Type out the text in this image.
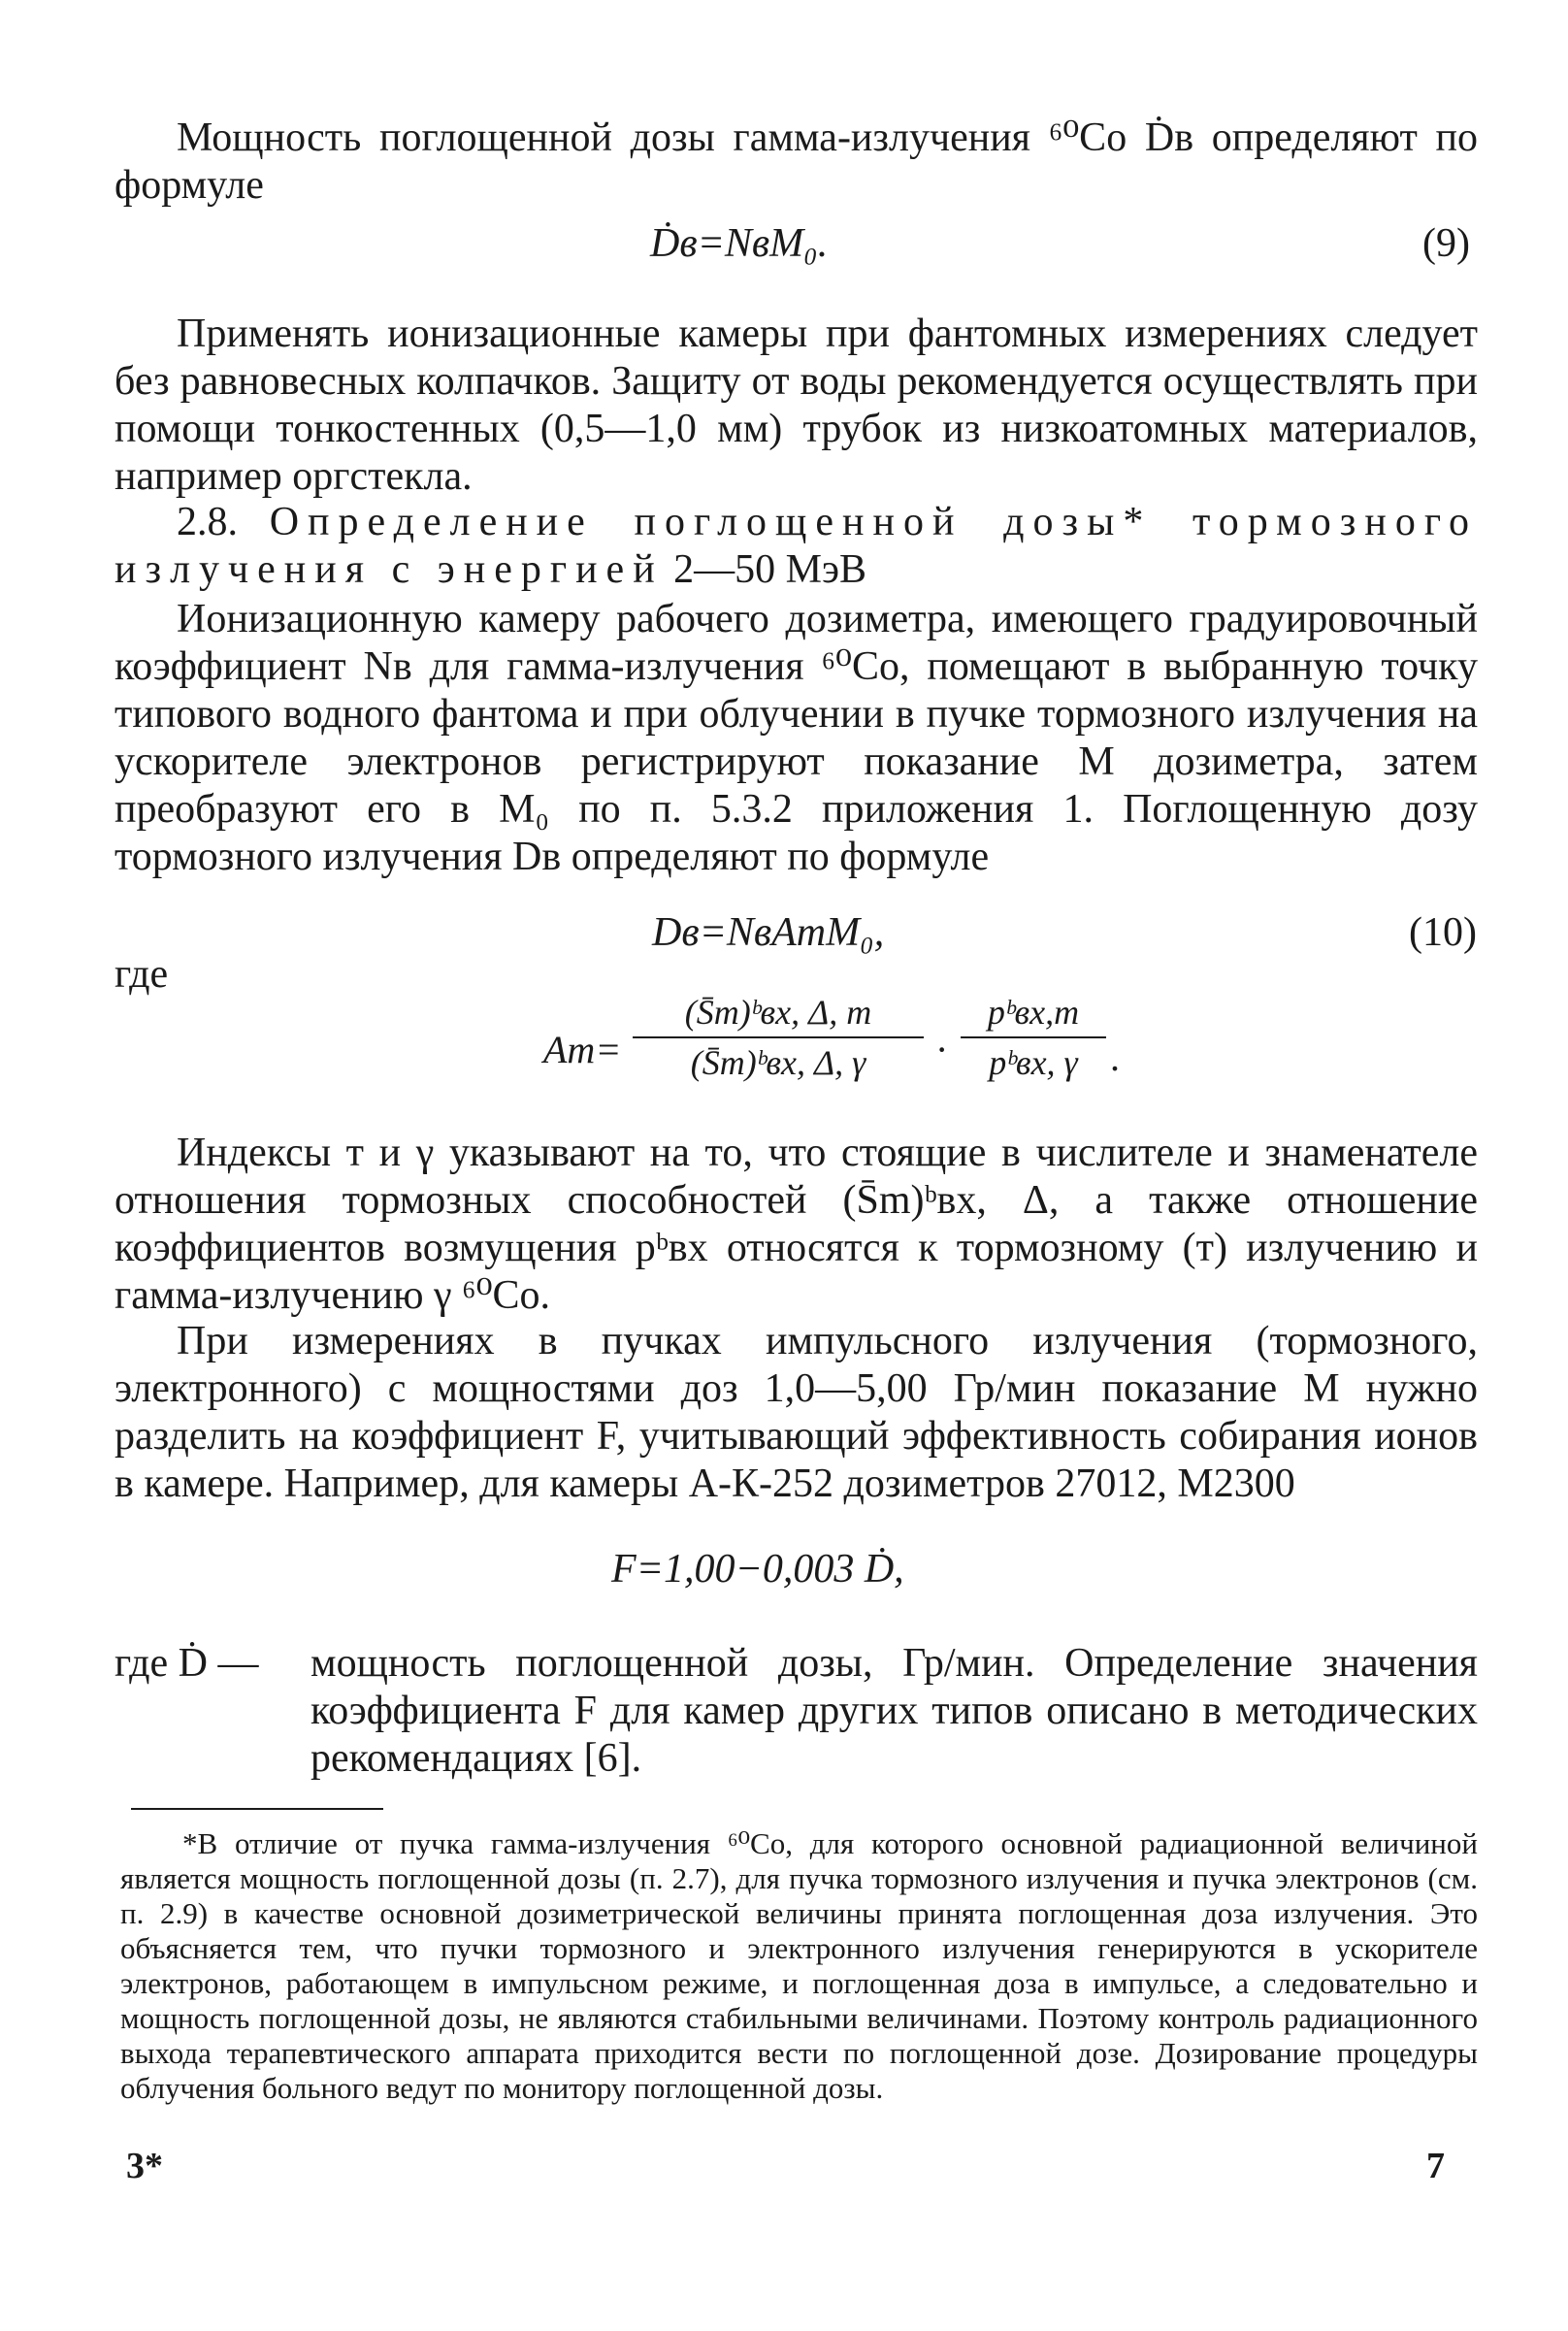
Мощность поглощенной дозы гамма-излучения ⁶⁰Co Ḋв определяют по формуле

Ḋв=NвM₀.	(9)

Применять ионизационные камеры при фантомных измерениях следует без равновесных колпачков. Защиту от воды рекомендуется осуществлять при помощи тонкостенных (0,5—1,0 мм) трубок из низкоатомных материалов, например оргстекла.

2.8. Определение поглощенной дозы* тормозного излучения с энергией 2—50 МэВ

Ионизационную камеру рабочего дозиметра, имеющего градуировочный коэффициент Nв для гамма-излучения ⁶⁰Co, помещают в выбранную точку типового водного фантома и при облучении в пучке тормозного излучения на ускорителе электронов регистрируют показание M дозиметра, затем преобразуют его в M₀ по п. 5.3.2 приложения 1. Поглощенную дозу тормозного излучения Dв определяют по формуле

Dв=NвAтM₀,	(10)
где
Aт=
(S̄m)ᵇвх, Δ, т
(S̄m)ᵇвх, Δ, γ	·
pᵇвх,т
pᵇвх, γ .

Индексы т и γ указывают на то, что стоящие в числителе и знаменателе отношения тормозных способностей (S̄m)ᵇвх, Δ, а также отношение коэффициентов возмущения pᵇвх относятся к тормозному (т) излучению и гамма-излучению γ ⁶⁰Co.

При измерениях в пучках импульсного излучения (тормозного, электронного) с мощностями доз 1,0—5,00 Гр/мин показание M нужно разделить на коэффициент F, учитывающий эффективность собирания ионов в камере. Например, для камеры А-К-252 дозиметров 27012, M2300

F=1,00−0,003 Ḋ,
где Ḋ — мощность поглощенной дозы, Гр/мин. Определение значения коэффициента F для камер других типов описано в методических рекомендациях [6].

*В отличие от пучка гамма-излучения ⁶⁰Co, для которого основной радиационной величиной является мощность поглощенной дозы (п. 2.7), для пучка тормозного излучения и пучка электронов (см. п. 2.9) в качестве основной дозиметрической величины принята поглощенная доза излучения. Это объясняется тем, что пучки тормозного и электронного излучения генерируются в ускорителе электронов, работающем в импульсном режиме, и поглощенная доза в импульсе, а следовательно и мощность поглощенной дозы, не являются стабильными величинами. Поэтому контроль радиационного выхода терапевтического аппарата приходится вести по поглощенной дозе. Дозирование процедуры облучения больного ведут по монитору поглощенной дозы.

3*	7
